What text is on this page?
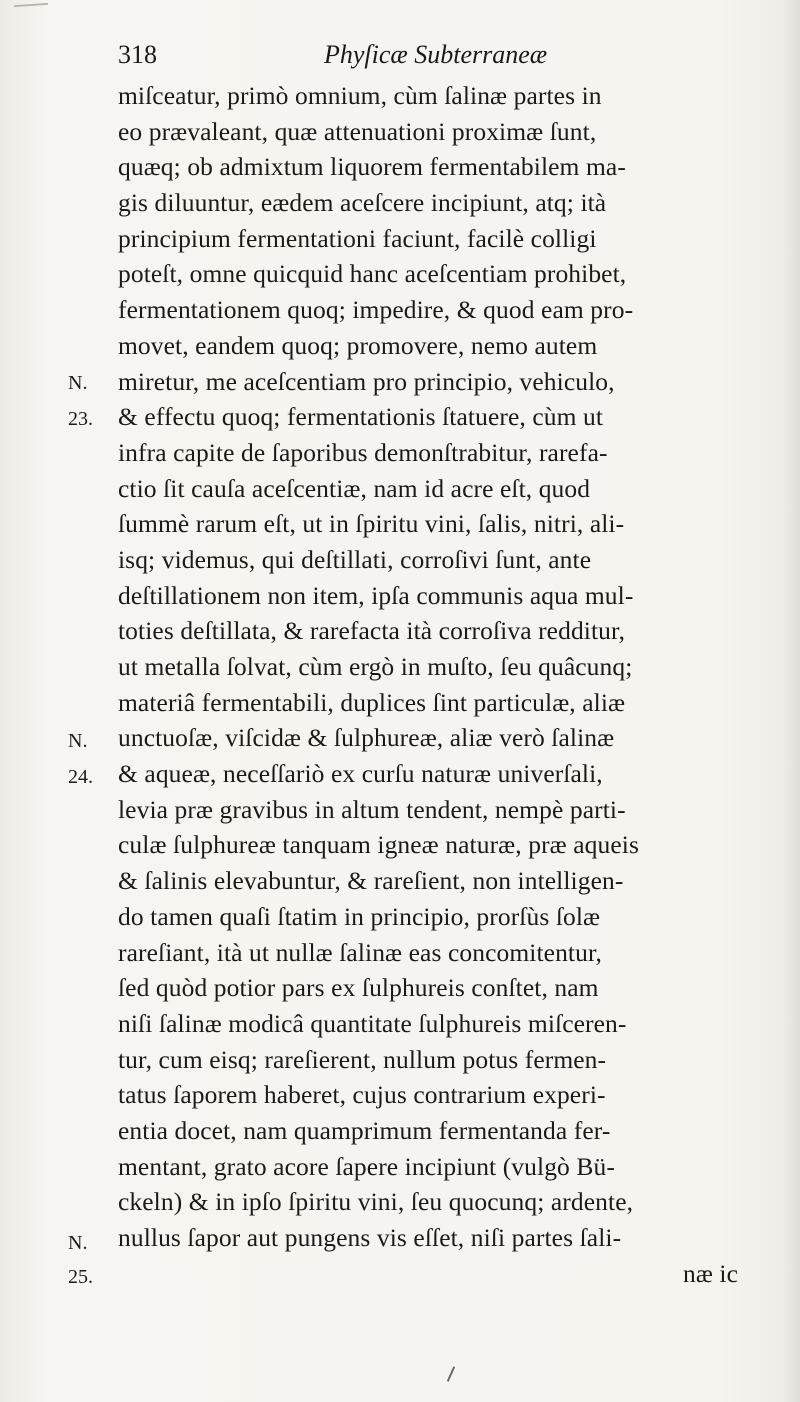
318	Phyſicæ Subterraneæ
N.
23.
N.
24.
N.
25.
miſceatur, primò omnium, cùm ſalinæ partes in
eo prævaleant, quæ attenuationi proximæ ſunt,
quæq; ob admixtum liquorem fermentabilem ma-
gis diluuntur, eædem aceſcere incipiunt, atq; ità
principium fermentationi faciunt, facilè colligi
poteſt, omne quicquid hanc aceſcentiam prohibet,
fermentationem quoq; impedire, & quod eam pro-
movet, eandem quoq; promovere, nemo autem
miretur, me aceſcentiam pro principio, vehiculo,
& effectu quoq; fermentationis ſtatuere, cùm ut
infra capite de ſaporibus demonſtrabitur, rarefa-
ctio ſit cauſa aceſcentiæ, nam id acre eſt, quod
ſummè rarum eſt, ut in ſpiritu vini, ſalis, nitri, ali-
isq; videmus, qui deſtillati, corroſivi ſunt, ante
deſtillationem non item, ipſa communis aqua mul-
toties deſtillata, & rarefacta ità corroſiva redditur,
ut metalla ſolvat, cùm ergò in muſto, ſeu quâcunq;
materiâ fermentabili, duplices ſint particulæ, aliæ
unctuoſæ, viſcidæ & ſulphureæ, aliæ verò ſalinæ
& aqueæ, neceſſariò ex curſu naturæ univerſali,
levia præ gravibus in altum tendent, nempè parti-
culæ ſulphureæ tanquam igneæ naturæ, præ aqueis
& ſalinis elevabuntur, & rareſient, non intelligen-
do tamen quaſi ſtatim in principio, prorſùs ſolæ
rareſiant, ità ut nullæ ſalinæ eas concomitentur,
ſed quòd potior pars ex ſulphureis conſtet, nam
niſi ſalinæ modicâ quantitate ſulphureis miſceren-
tur, cum eisq; rareſierent, nullum potus fermen-
tatus ſaporem haberet, cujus contrarium experi-
entia docet, nam quamprimum fermentanda fer-
mentant, grato acore ſapere incipiunt (vulgò Bü-
ckeln) & in ipſo ſpiritu vini, ſeu quocunq; ardente,
nullus ſapor aut pungens vis eſſet, niſi partes ſali-
næ ic
